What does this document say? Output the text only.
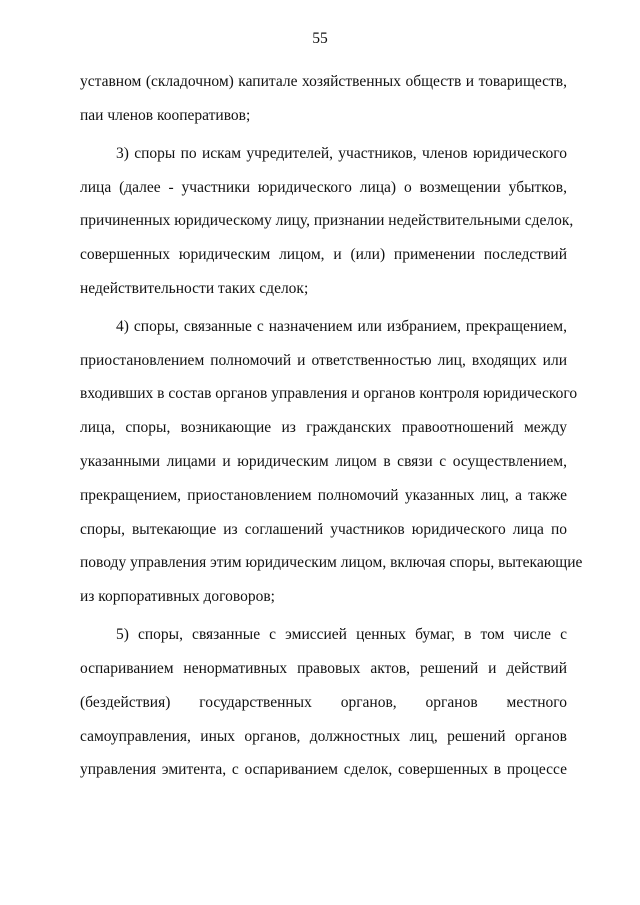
55
уставном (складочном) капитале хозяйственных обществ и товариществ,
паи членов кооперативов;
3) споры по искам учредителей, участников, членов юридического
лица (далее - участники юридического лица) о возмещении убытков,
причиненных юридическому лицу, признании недействительными сделок,
совершенных юридическим лицом, и (или) применении последствий
недействительности таких сделок;
4) споры, связанные с назначением или избранием, прекращением,
приостановлением полномочий и ответственностью лиц, входящих или
входивших в состав органов управления и органов контроля юридического
лица, споры, возникающие из гражданских правоотношений между
указанными лицами и юридическим лицом в связи с осуществлением,
прекращением, приостановлением полномочий указанных лиц, а также
споры, вытекающие из соглашений участников юридического лица по
поводу управления этим юридическим лицом, включая споры, вытекающие
из корпоративных договоров;
5) споры, связанные с эмиссией ценных бумаг, в том числе с
оспариванием ненормативных правовых актов, решений и действий
(бездействия) государственных органов, органов местного
самоуправления, иных органов, должностных лиц, решений органов
управления эмитента, с оспариванием сделок, совершенных в процессе
